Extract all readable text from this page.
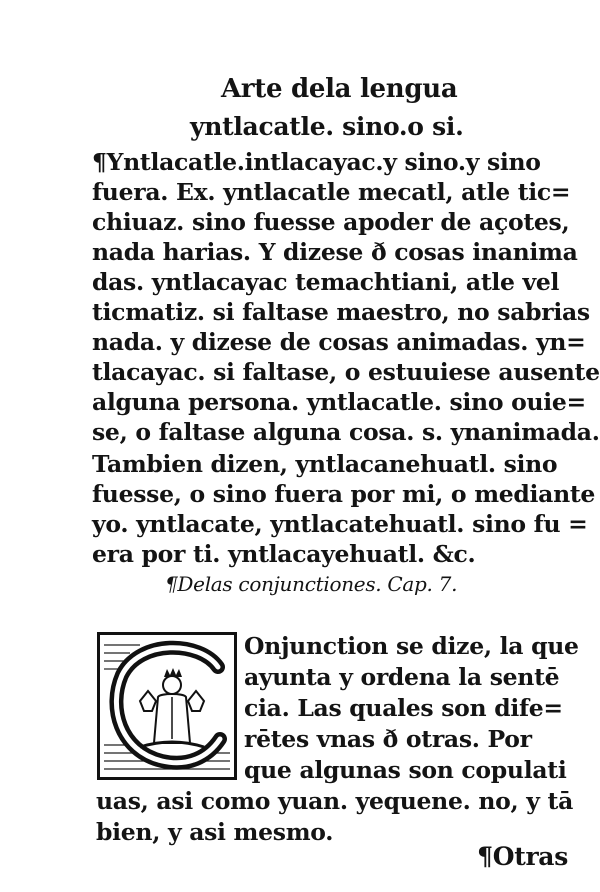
Arte dela lengua
yntlacatle. sino.o si.
¶Yntlacatle.intlacayac.y sino.y sino
fuera. Ex. yntlacatle mecatl, atle tic=
chiuaz. sino fuesse apoder de açotes,
nada harias. Y dizese ð cosas inanima
das. yntlacayac temachtiani, atle vel
ticmatiz. si faltase maestro, no sabrias
nada. y dizese de cosas animadas. yn=
tlacayac. si faltase, o estuuiese ausente
alguna persona. yntlacatle. sino ouie=
se, o faltase alguna cosa. s. ynanimada.
Tambien dizen, yntlacanehuatl. sino
fuesse, o sino fuera por mi, o mediante
yo. yntlacate, yntlacatehuatl. sino fu =
era por ti. yntlacayehuatl. &c.
¶Delas conjunctiones. Cap. 7.
Onjunction se dize, la que
ayunta y ordena la sentē
cia. Las quales son dife=
rētes vnas ð otras. Por
que algunas son copulati
uas, asi como yuan. yequene. no, y tā
bien, y asi mesmo.
¶Otras
